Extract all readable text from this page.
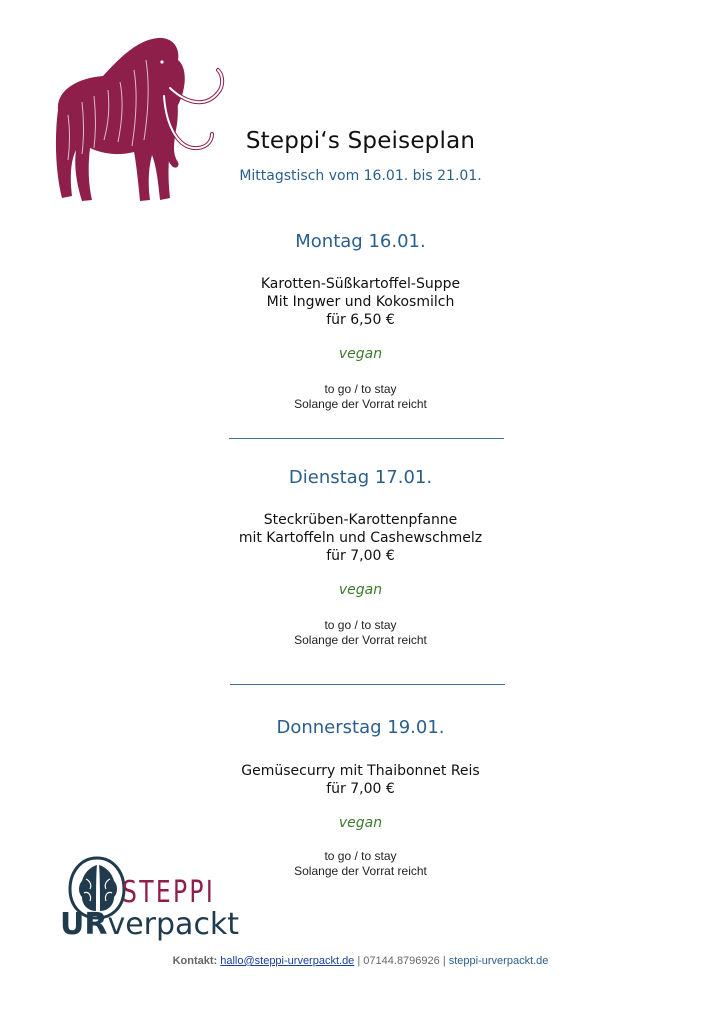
Steppi‘s Speiseplan
Mittagstisch vom 16.01. bis 21.01.
Montag 16.01.
Karotten-Süßkartoffel-Suppe
Mit Ingwer und Kokosmilch
für 6,50 €
vegan
to go / to stay
Solange der Vorrat reicht
Dienstag 17.01.
Steckrüben-Karottenpfanne
mit Kartoffeln und Cashewschmelz
für 7,00 €
vegan
to go / to stay
Solange der Vorrat reicht
Donnerstag 19.01.
Gemüsecurry mit Thaibonnet Reis
für 7,00 €
vegan
to go / to stay
Solange der Vorrat reicht
STEPPI
URverpackt
Kontakt: hallo@steppi-urverpackt.de | 07144.8796926 | steppi-urverpackt.de
